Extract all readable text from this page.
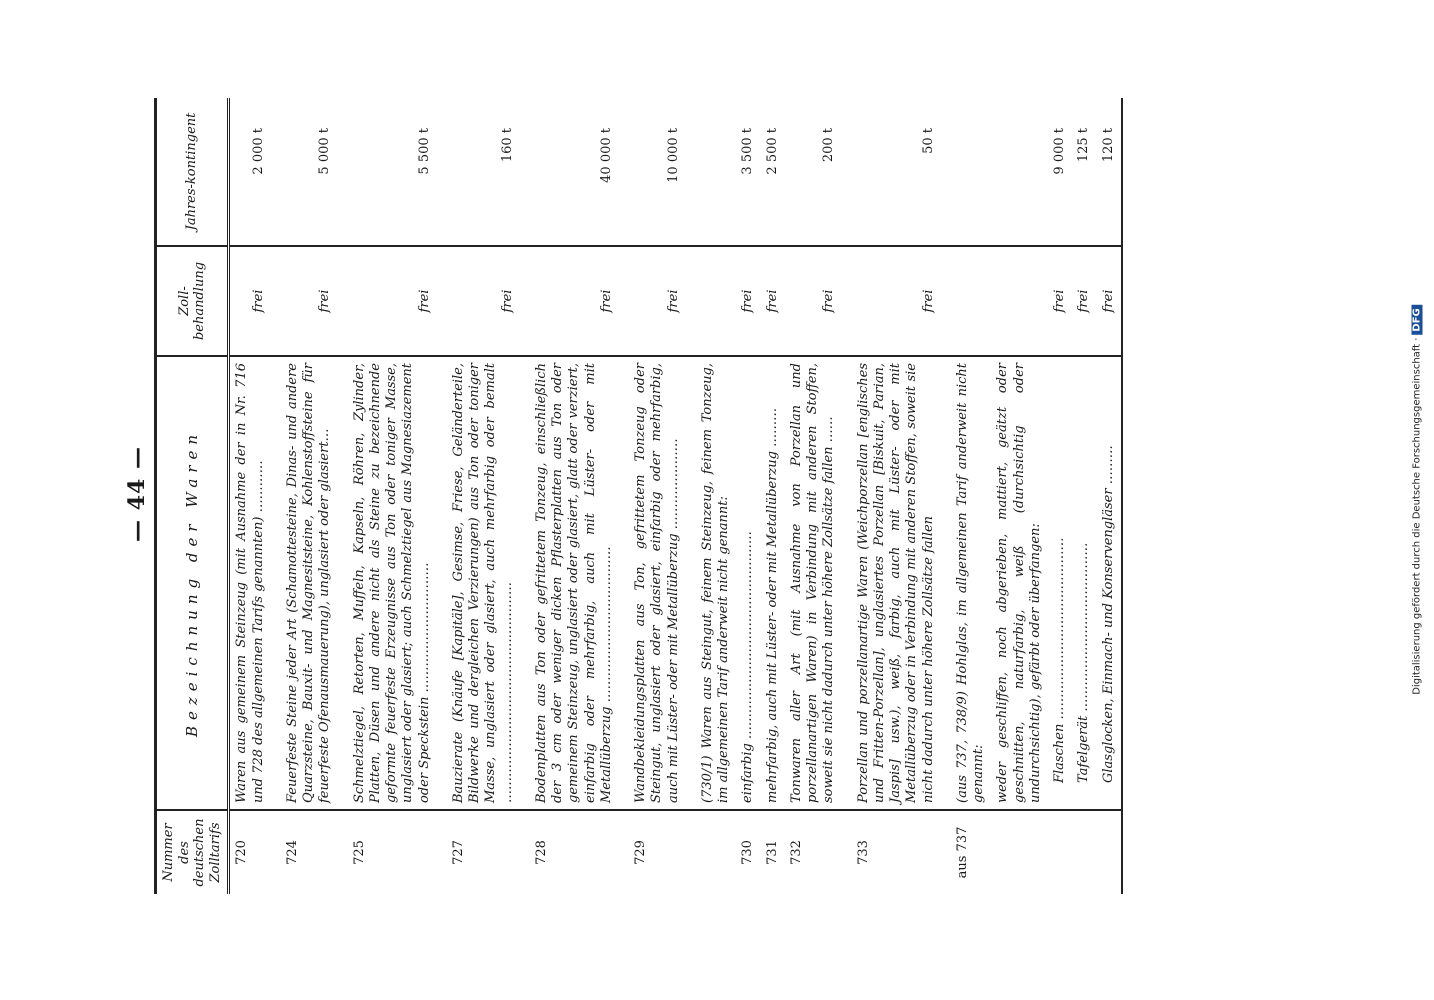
— 44 —
Nummer des deutschen Zolltarifs	Bezeichnung der Waren	Zoll-behandlung	Jahres-kontingent
720	Waren aus gemeinem Steinzeug (mit Ausnahme der in Nr. 716 und 728 des allgemeinen Tarifs genannten) …………	frei	2 000 t
724	Feuerfeste Steine jeder Art (Schamottesteine, Dinas- und andere Quarzsteine, Bauxit- und Magnesitsteine, Kohlenstoffsteine für feuerfeste Ofenausmauerung), unglasiert oder glasiert…	frei	5 000 t
725	Schmelztiegel, Retorten, Muffeln, Kapseln, Röhren, Zylinder, Platten, Düsen und andere nicht als Steine zu bezeichnende geformte feuerfeste Erzeugnisse aus Ton oder toniger Masse, unglasiert oder glasiert; auch Schmelztiegel aus Magnesiazement oder Speckstein …………………………	frei	5 500 t
727	Bauzierate (Knäufe [Kapitäle], Gesimse, Friese, Geländerteile, Bildwerke und dergleichen Verzierungen) aus Ton oder toniger Masse, unglasiert oder glasiert, auch mehrfarbig oder bemalt ……………………………………………	frei	160 t
728	Bodenplatten aus Ton oder gefrittetem Tonzeug, einschließlich der 3 cm oder weniger dicken Pflasterplatten aus Ton oder gemeinem Steinzeug, unglasiert oder glasiert, glatt oder verziert, einfarbig oder mehrfarbig, auch mit Lüster- oder mit Metallüberzug ………………………………	frei	40 000 t
729	Wandbekleidungsplatten aus Ton, gefrittetem Tonzeug oder Steingut, unglasiert oder glasiert, einfarbig oder mehrfarbig, auch mit Lüster- oder mit Metallüberzug …………………	frei	10 000 t
	(730/1) Waren aus Steingut, feinem Steinzeug, feinem Tonzeug, im allgemeinen Tarif anderweit nicht genannt:		
730	einfarbig …………………………………………	frei	3 500 t
731	mehrfarbig, auch mit Lüster- oder mit Metallüberzug ………	frei	2 500 t
732	Tonwaren aller Art (mit Ausnahme von Porzellan und porzellanartigen Waren) in Verbindung mit anderen Stoffen, soweit sie nicht dadurch unter höhere Zollsätze fallen ……	frei	200 t
733	Porzellan und porzellanartige Waren (Weichporzellan [englisches und Fritten-Porzellan], unglasiertes Porzellan [Biskuit, Parian, Jaspis] usw.), weiß, farbig, auch mit Lüster- oder mit Metallüberzug oder in Verbindung mit anderen Stoffen, soweit sie nicht dadurch unter höhere Zollsätze fallen	frei	50 t
aus 737	(aus 737, 738/9) Hohlglas, im allgemeinen Tarif anderweit nicht genannt:		
	weder geschliffen, noch abgerieben, mattiert, geätzt oder geschnitten, naturfarbig, weiß (durchsichtig oder undurchsichtig), gefärbt oder überfangen:		
	Flaschen ……………………………………	frei	9 000 t
	Tafelgerät …………………………………	frei	125 t
	Glasglocken, Einmach- und Konservengläser ………	frei	120 t
Digitalisierung gefördert durch die Deutsche Forschungsgemeinschaft ·DFG
